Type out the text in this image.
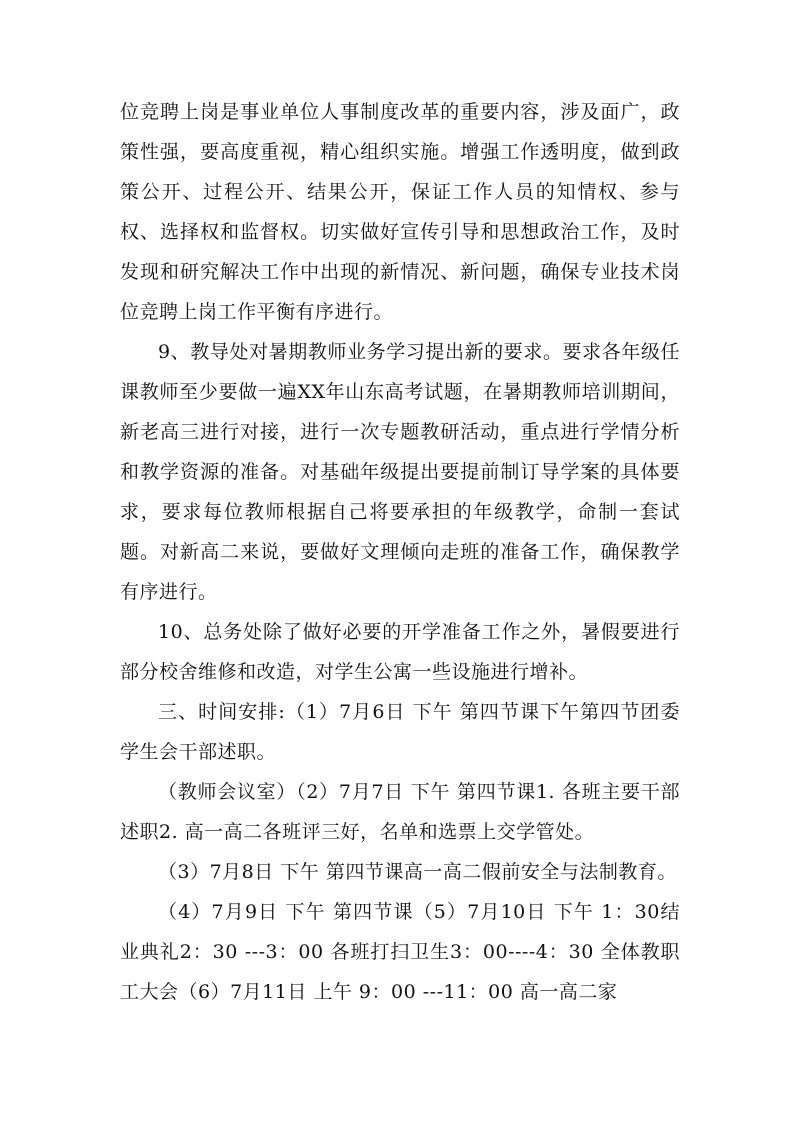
位竞聘上岗是事业单位人事制度改革的重要内容，涉及面广，政策性强，要高度重视，精心组织实施。增强工作透明度，做到政策公开、过程公开、结果公开，保证工作人员的知情权、参与权、选择权和监督权。切实做好宣传引导和思想政治工作，及时发现和研究解决工作中出现的新情况、新问题，确保专业技术岗位竞聘上岗工作平衡有序进行。

9、教导处对暑期教师业务学习提出新的要求。要求各年级任课教师至少要做一遍XX年山东高考试题，在暑期教师培训期间，新老高三进行对接，进行一次专题教研活动，重点进行学情分析和教学资源的准备。对基础年级提出要提前制订导学案的具体要求，要求每位教师根据自己将要承担的年级教学，命制一套试题。对新高二来说，要做好文理倾向走班的准备工作，确保教学有序进行。

10、总务处除了做好必要的开学准备工作之外，暑假要进行部分校舍维修和改造，对学生公寓一些设施进行增补。

三、时间安排:（1）7月6日 下午 第四节课下午第四节团委学生会干部述职。

（教师会议室）（2）7月7日 下午 第四节课1. 各班主要干部述职2. 高一高二各班评三好，名单和选票上交学管处。

（3）7月8日 下午 第四节课高一高二假前安全与法制教育。

（4）7月9日 下午 第四节课（5）7月10日 下午 1：30结业典礼2：30 ---3：00 各班打扫卫生3：00----4：30 全体教职工大会（6）7月11日 上午 9：00 ---11：00 高一高二家
